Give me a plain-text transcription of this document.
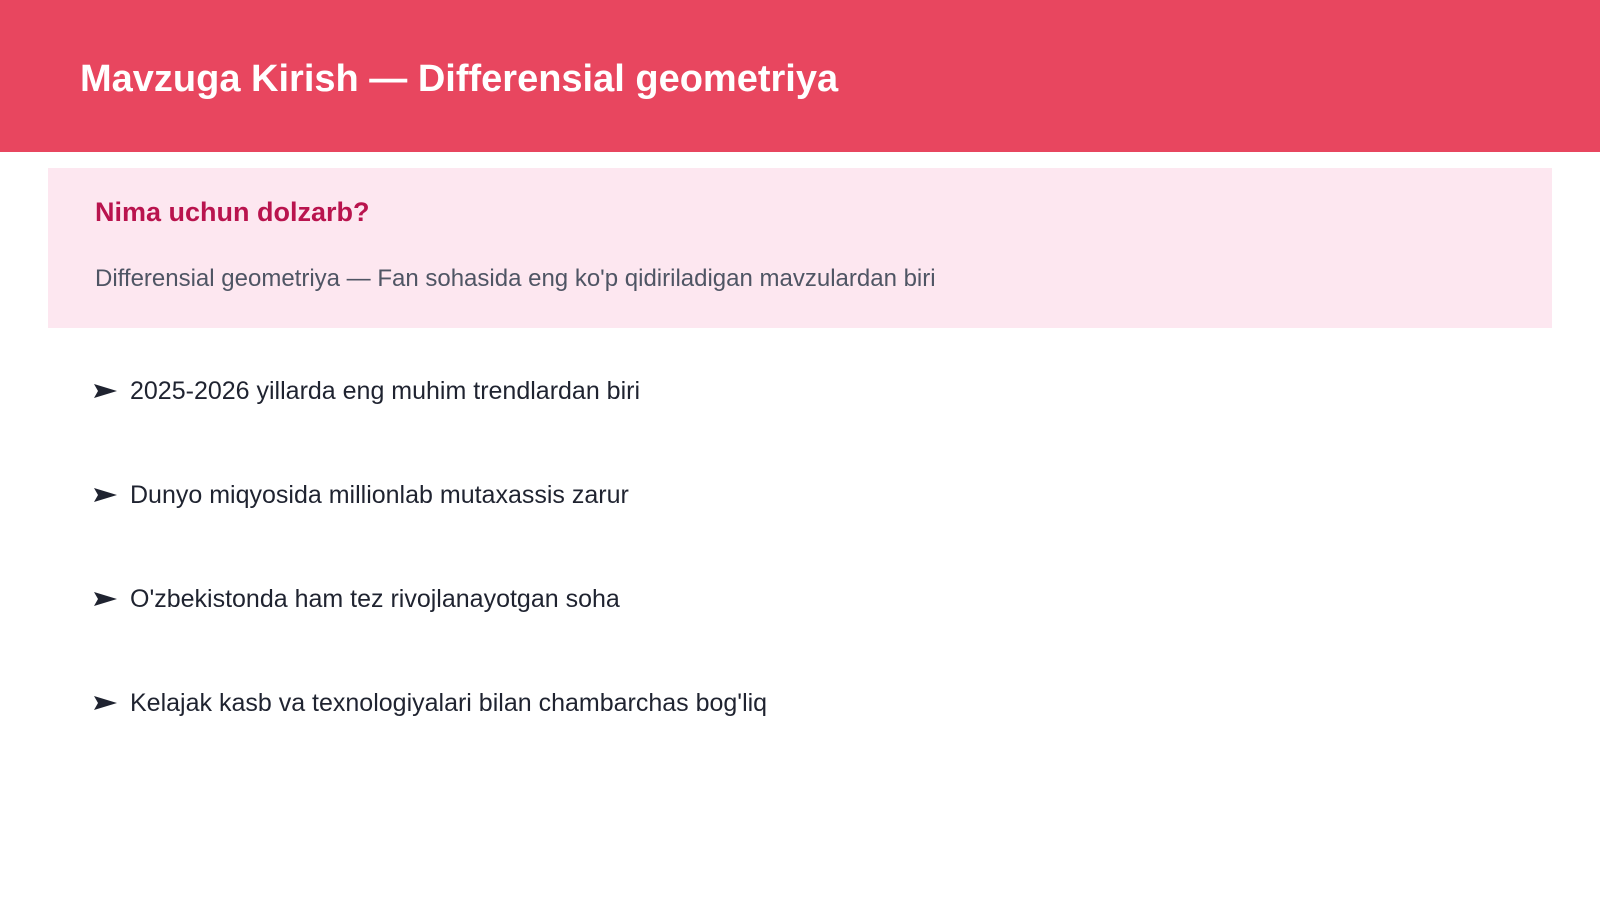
Mavzuga Kirish — Differensial geometriya
Nima uchun dolzarb?

Differensial geometriya — Fan sohasida eng ko'p qidiriladigan mavzulardan biri

2025-2026 yillarda eng muhim trendlardan biri
Dunyo miqyosida millionlab mutaxassis zarur
O'zbekistonda ham tez rivojlanayotgan soha
Kelajak kasb va texnologiyalari bilan chambarchas bog'liq
